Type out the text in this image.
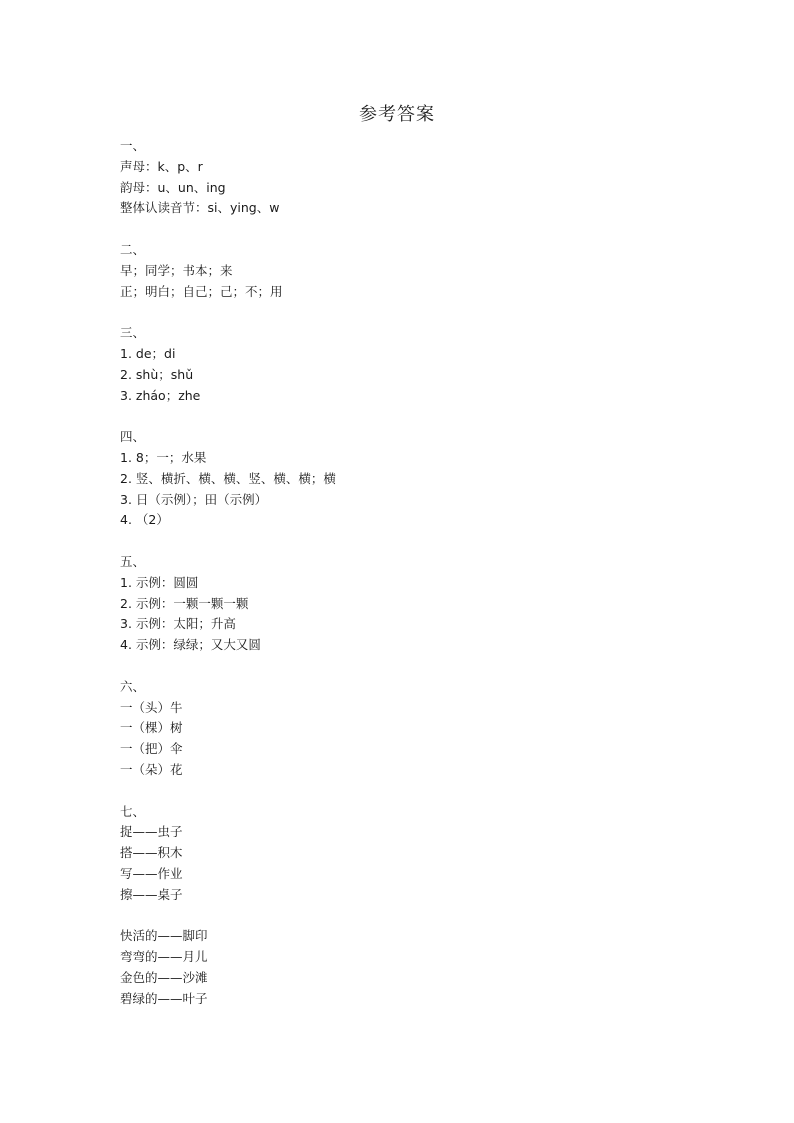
参考答案
一、
声母：k、p、r
韵母：u、un、ing
整体认读音节：si、ying、w
二、
早；同学；书本；来
正；明白；自己；己；不；用
三、
1. de；di
2. shù；shǔ
3. zháo；zhe
四、
1. 8；一；水果
2. 竖、横折、横、横、竖、横、横；横
3. 日（示例）；田（示例）
4. （2）
五、
1. 示例：圆圆
2. 示例：一颗一颗一颗
3. 示例：太阳；升高
4. 示例：绿绿；又大又圆
六、
一（头）牛
一（棵）树
一（把）伞
一（朵）花
七、
捉——虫子
搭——积木
写——作业
擦——桌子
快活的——脚印
弯弯的——月儿
金色的——沙滩
碧绿的——叶子
